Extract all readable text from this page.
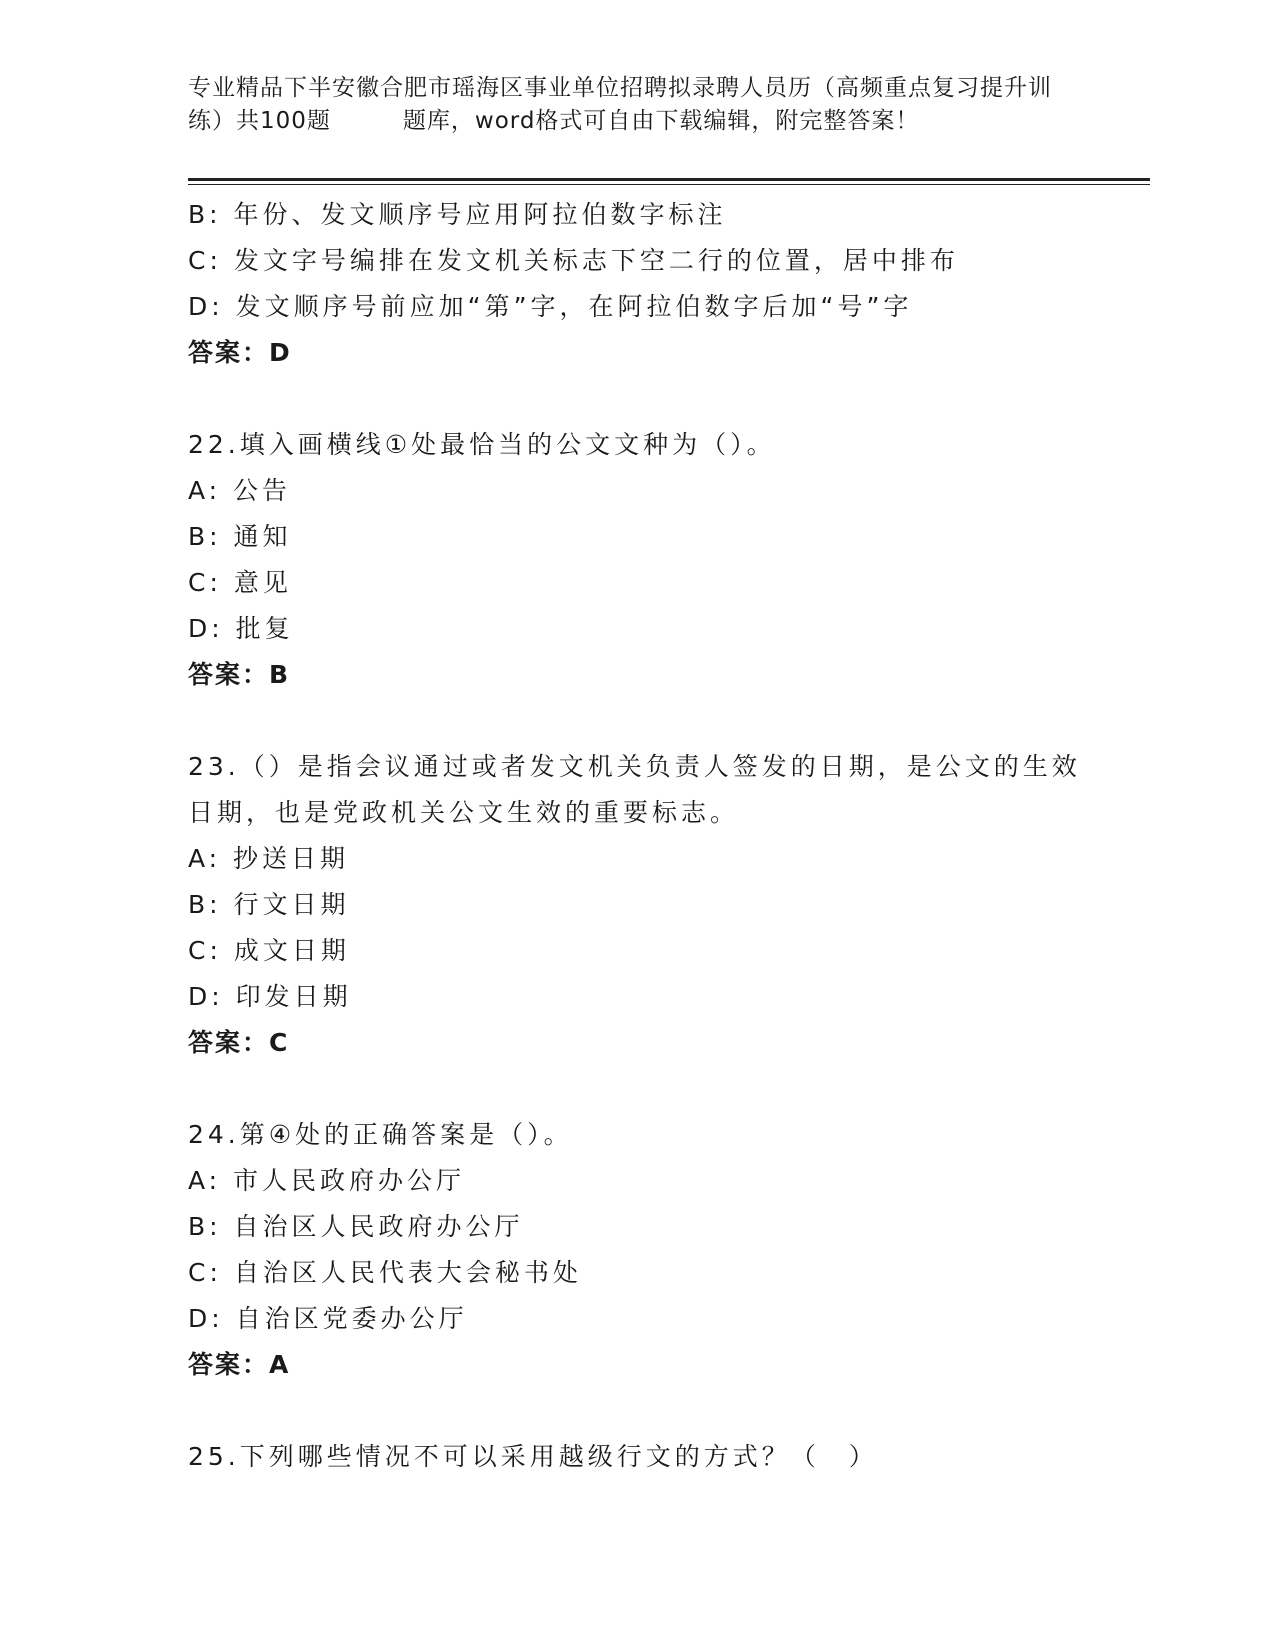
专业精品下半安徽合肥市瑶海区事业单位招聘拟录聘人员历（高频重点复习提升训
练）共100题　　　题库，word格式可自由下载编辑，附完整答案！
B: 年份、发文顺序号应用阿拉伯数字标注
C: 发文字号编排在发文机关标志下空二行的位置，居中排布
D: 发文顺序号前应加“第”字，在阿拉伯数字后加“号”字
答案：D
22.填入画横线①处最恰当的公文文种为（）。
A: 公告
B: 通知
C: 意见
D: 批复
答案：B
23.（）是指会议通过或者发文机关负责人签发的日期，是公文的生效
日期，也是党政机关公文生效的重要标志。
A: 抄送日期
B: 行文日期
C: 成文日期
D: 印发日期
答案：C
24.第④处的正确答案是（）。
A: 市人民政府办公厅
B: 自治区人民政府办公厅
C: 自治区人民代表大会秘书处
D: 自治区党委办公厅
答案：A
25.下列哪些情况不可以采用越级行文的方式？（　）
